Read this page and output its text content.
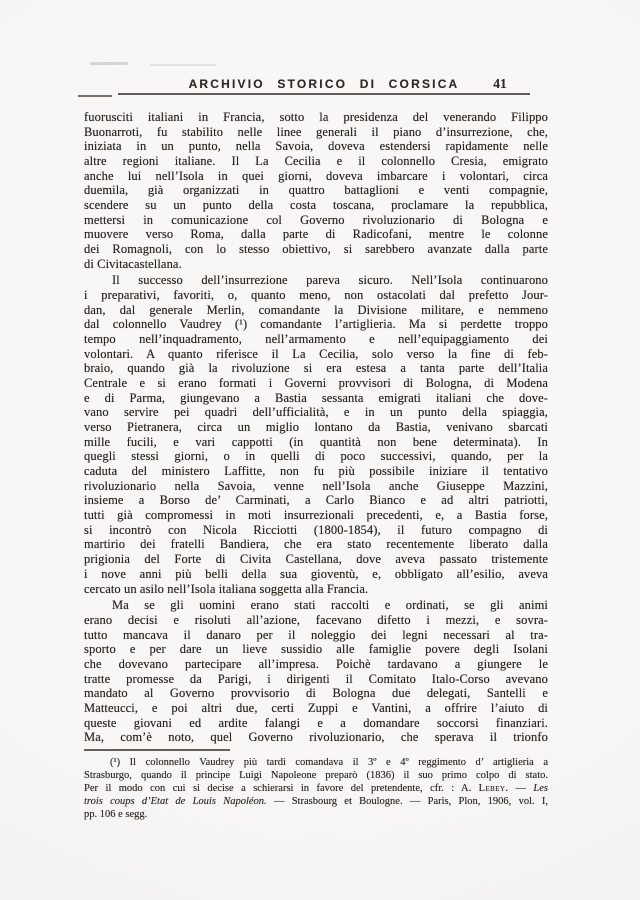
ARCHIVIO STORICO DI CORSICA	41
fuorusciti italiani in Francia, sotto la presidenza del venerando Filippo
Buonarroti, fu stabilito nelle linee generali il piano d’insurrezione, che,
iniziata in un punto, nella Savoia, doveva estendersi rapidamente nelle
altre regioni italiane. Il La Cecilia e il colonnello Cresia, emigrato
anche lui nell’Isola in quei giorni, doveva imbarcare i volontari, circa
duemila, già organizzati in quattro battaglioni e venti compagnie,
scendere su un punto della costa toscana, proclamare la repubblica,
mettersi in comunicazione col Governo rivoluzionario di Bologna e
muovere verso Roma, dalla parte di Radicofani, mentre le colonne
dei Romagnoli, con lo stesso obiettivo, si sarebbero avanzate dalla parte
di Civitacastellana.
Il successo dell’insurrezione pareva sicuro. Nell’Isola continuarono
i preparativi, favoriti, o, quanto meno, non ostacolati dal prefetto Jour-
dan, dal generale Merlin, comandante la Divisione militare, e nemmeno
dal colonnello Vaudrey (¹) comandante l’artiglieria. Ma si perdette troppo
tempo nell’inquadramento, nell’armamento e nell’equipaggiamento dei
volontari. A quanto riferisce il La Cecilia, solo verso la fine di feb-
braio, quando già la rivoluzione si era estesa a tanta parte dell’Italia
Centrale e si erano formati i Governi provvisori di Bologna, di Modena
e di Parma, giungevano a Bastia sessanta emigrati italiani che dove-
vano servire pei quadri dell’ufficialità, e in un punto della spiaggia,
verso Pietranera, circa un miglio lontano da Bastia, venivano sbarcati
mille fucili, e vari cappotti (in quantità non bene determinata). In
quegli stessi giorni, o in quelli di poco successivi, quando, per la
caduta del ministero Laffitte, non fu più possibile iniziare il tentativo
rivoluzionario nella Savoia, venne nell’Isola anche Giuseppe Mazzini,
insieme a Borso de’ Carminati, a Carlo Bianco e ad altri patriotti,
tutti già compromessi in moti insurrezionali precedenti, e, a Bastia forse,
si incontrò con Nicola Ricciotti (1800-1854), il futuro compagno di
martirio dei fratelli Bandiera, che era stato recentemente liberato dalla
prigionia del Forte di Civita Castellana, dove aveva passato tristemente
i nove anni più belli della sua gioventù, e, obbligato all’esilio, aveva
cercato un asilo nell’Isola italiana soggetta alla Francia.
Ma se gli uomini erano stati raccolti e ordinati, se gli animi
erano decisi e risoluti all’azione, facevano difetto i mezzi, e sovra-
tutto mancava il danaro per il noleggio dei legni necessari al tra-
sporto e per dare un lieve sussidio alle famiglie povere degli Isolani
che dovevano partecipare all’impresa. Poichè tardavano a giungere le
tratte promesse da Parigi, i dirigenti il Comitato Italo-Corso avevano
mandato al Governo provvisorio di Bologna due delegati, Santelli e
Matteucci, e poi altri due, certi Zuppi e Vantini, a offrire l’aiuto di
queste giovani ed ardite falangi e a domandare soccorsi finanziari.
Ma, com’è noto, quel Governo rivoluzionario, che sperava il trionfo
(¹) Il colonnello Vaudrey più tardi comandava il 3º e 4º reggimento d’ artiglieria a
Strasburgo, quando il principe Luigi Napoleone preparò (1836) il suo primo colpo di stato.
Per il modo con cui si decise a schierarsi in favore del pretendente, cfr. : A. Lebey. — Les
trois coups d’Etat de Louis Napoléon. — Strasbourg et Boulogne. — Paris, Plon, 1906, vol. I,
pp. 106 e segg.
